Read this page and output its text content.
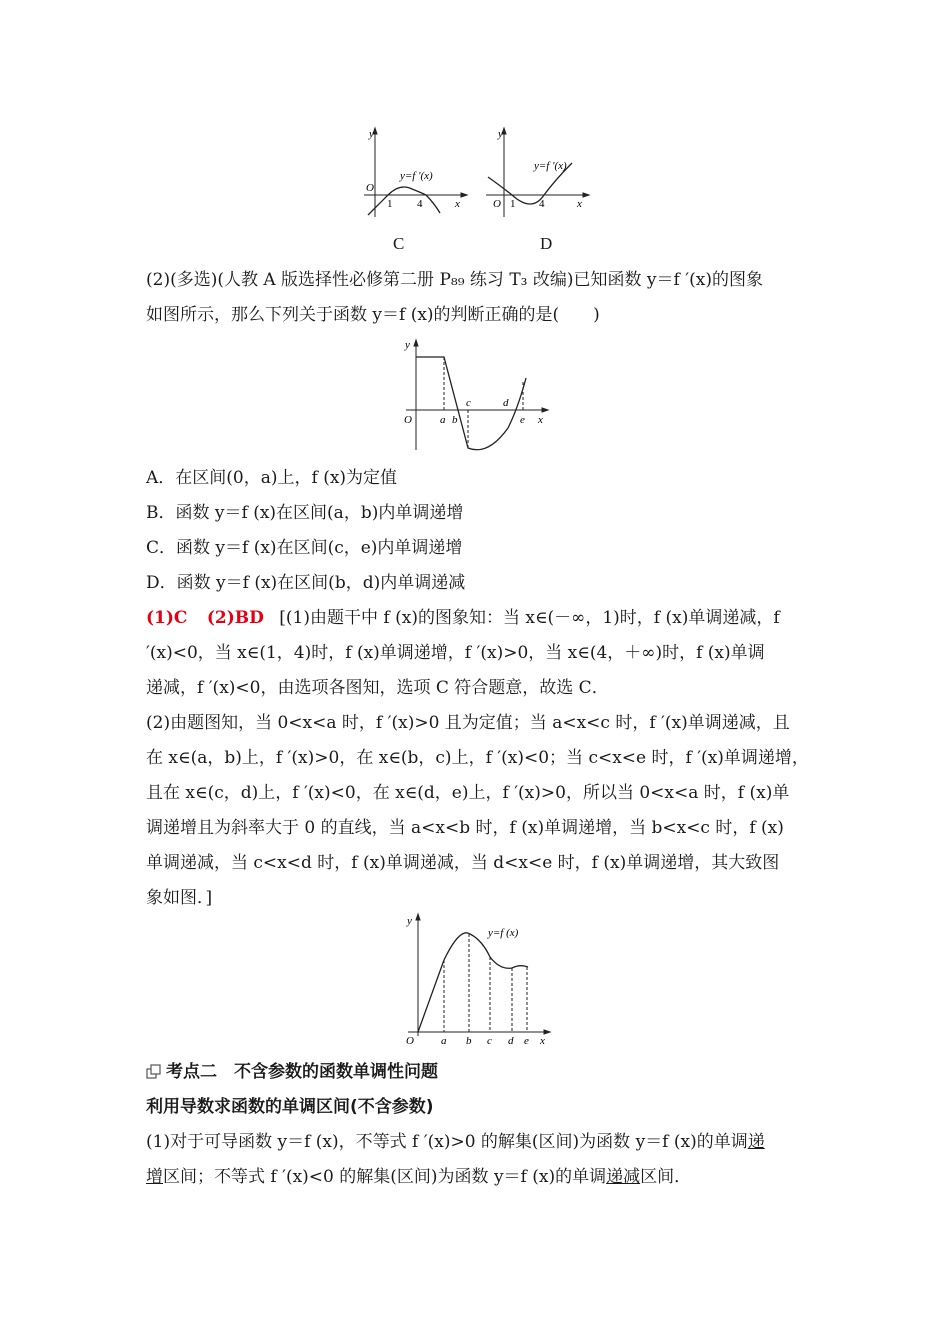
y
O
1 4	x
y=f '(x)
C
y
O 1 4	x
y=f '(x)
D
(2)(多选)(人教 A 版选择性必修第二册 P₈₉ 练习 T₃ 改编)已知函数 y＝f ′(x)的图象
如图所示，那么下列关于函数 y＝f (x)的判断正确的是(　　)
y
O	a b
c	d
e x
A．在区间(0，a)上，f (x)为定值
B．函数 y＝f (x)在区间(a，b)内单调递增
C．函数 y＝f (x)在区间(c，e)内单调递增
D．函数 y＝f (x)在区间(b，d)内单调递减
(1)C (2)BD [(1)由题干中 f (x)的图象知：当 x∈(－∞，1)时，f (x)单调递减，f
′(x)<0，当 x∈(1，4)时，f (x)单调递增，f ′(x)>0，当 x∈(4，＋∞)时，f (x)单调
递减，f ′(x)<0，由选项各图知，选项 C 符合题意，故选 C．
(2)由题图知，当 0<x<a 时，f ′(x)>0 且为定值；当 a<x<c 时，f ′(x)单调递减，且
在 x∈(a，b)上，f ′(x)>0，在 x∈(b，c)上，f ′(x)<0；当 c<x<e 时，f ′(x)单调递增，
且在 x∈(c，d)上，f ′(x)<0，在 x∈(d，e)上，f ′(x)>0，所以当 0<x<a 时，f (x)单
调递增且为斜率大于 0 的直线，当 a<x<b 时，f (x)单调递增，当 b<x<c 时，f (x)
单调递减，当 c<x<d 时，f (x)单调递减，当 d<x<e 时，f (x)单调递增，其大致图
象如图．]
y
O a b c d e x
y=f (x)
考点二　不含参数的函数单调性问题
利用导数求函数的单调区间(不含参数)
(1)对于可导函数 y＝f (x)，不等式 f ′(x)>0 的解集(区间)为函数 y＝f (x)的单调递
增区间；不等式 f ′(x)<0 的解集(区间)为函数 y＝f (x)的单调递减区间．
